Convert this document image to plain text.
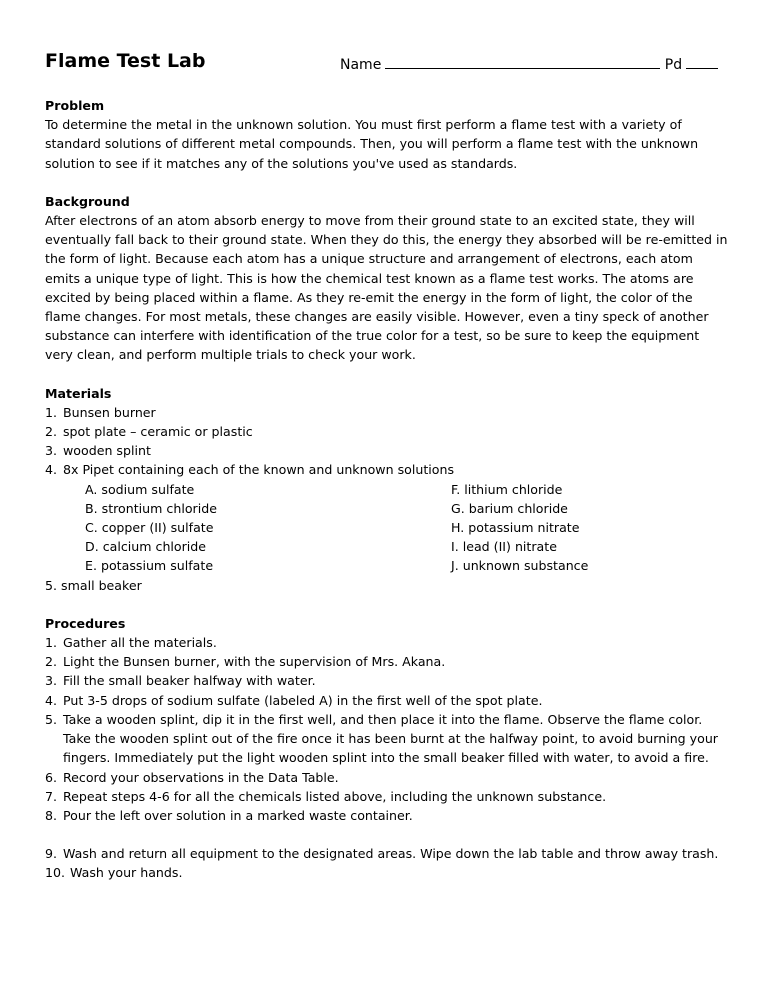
Flame Test Lab	Name	Pd

Problem

To determine the metal in the unknown solution. You must first perform a flame test with a variety of standard solutions of different metal compounds. Then, you will perform a flame test with the unknown solution to see if it matches any of the solutions you've used as standards.

Background

After electrons of an atom absorb energy to move from their ground state to an excited state, they will eventually fall back to their ground state. When they do this, the energy they absorbed will be re-emitted in the form of light. Because each atom has a unique structure and arrangement of electrons, each atom emits a unique type of light. This is how the chemical test known as a flame test works. The atoms are excited by being placed within a flame. As they re-emit the energy in the form of light, the color of the flame changes. For most metals, these changes are easily visible. However, even a tiny speck of another substance can interfere with identification of the true color for a test, so be sure to keep the equipment very clean, and perform multiple trials to check your work.

Materials

1. Bunsen burner
2. spot plate – ceramic or plastic
3. wooden splint
4. 8x Pipet containing each of the known and unknown solutions
A. sodium sulfate	F. lithium chloride
B. strontium chloride	G. barium chloride
C. copper (II) sulfate	H. potassium nitrate
D. calcium chloride	I. lead (II) nitrate
E. potassium sulfate	J. unknown substance

5. small beaker

Procedures

1. Gather all the materials.
2. Light the Bunsen burner, with the supervision of Mrs. Akana.
3. Fill the small beaker halfway with water.
4. Put 3-5 drops of sodium sulfate (labeled A) in the first well of the spot plate.
5. Take a wooden splint, dip it in the first well, and then place it into the flame. Observe the flame color. Take the wooden splint out of the fire once it has been burnt at the halfway point, to avoid burning your fingers. Immediately put the light wooden splint into the small beaker filled with water, to avoid a fire.
6. Record your observations in the Data Table.
7. Repeat steps 4-6 for all the chemicals listed above, including the unknown substance.
8. Pour the left over solution in a marked waste container.
9. Wash and return all equipment to the designated areas. Wipe down the lab table and throw away trash.
10. Wash your hands.
